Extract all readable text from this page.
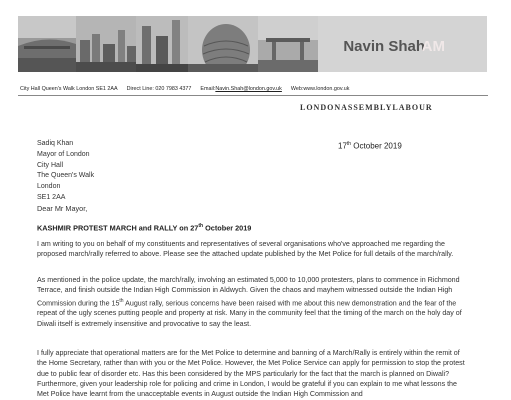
Navin Shah
AM
City Hall Queen's Walk London SE1 2AA Direct Line: 020 7983 4377 Email:Navin.Shah@london.gov.uk Web:www.london.gov.uk
LONDONASSEMBLYLABOUR
Sadiq Khan
Mayor of London
City Hall
The Queen's Walk
London
SE1 2AA
17th October 2019
Dear Mr Mayor,
KASHMIR PROTEST MARCH and RALLY on 27th October 2019

I am writing to you on behalf of my constituents and representatives of several organisations who've approached me regarding the proposed march/rally referred to above. Please see the attached update published by the Met Police for full details of the march/rally.

As mentioned in the police update, the march/rally, involving an estimated 5,000 to 10,000 protesters, plans to commence in Richmond Terrace, and finish outside the Indian High Commission in Aldwych. Given the chaos and mayhem witnessed outside the Indian High Commission during the 15th August rally, serious concerns have been raised with me about this new demonstration and the fear of the repeat of the ugly scenes putting people and property at risk. Many in the community feel that the timing of the march on the holy day of Diwali itself is extremely insensitive and provocative to say the least.

I fully appreciate that operational matters are for the Met Police to determine and banning of a March/Rally is entirely within the remit of the Home Secretary, rather than with you or the Met Police. However, the Met Police Service can apply for permission to stop the protest due to public fear of disorder etc. Has this been considered by the MPS particularly for the fact that the march is planned on Diwali? Furthermore, given your leadership role for policing and crime in London, I would be grateful if you can explain to me what lessons the Met Police have learnt from the unacceptable events in August outside the Indian High Commission and
